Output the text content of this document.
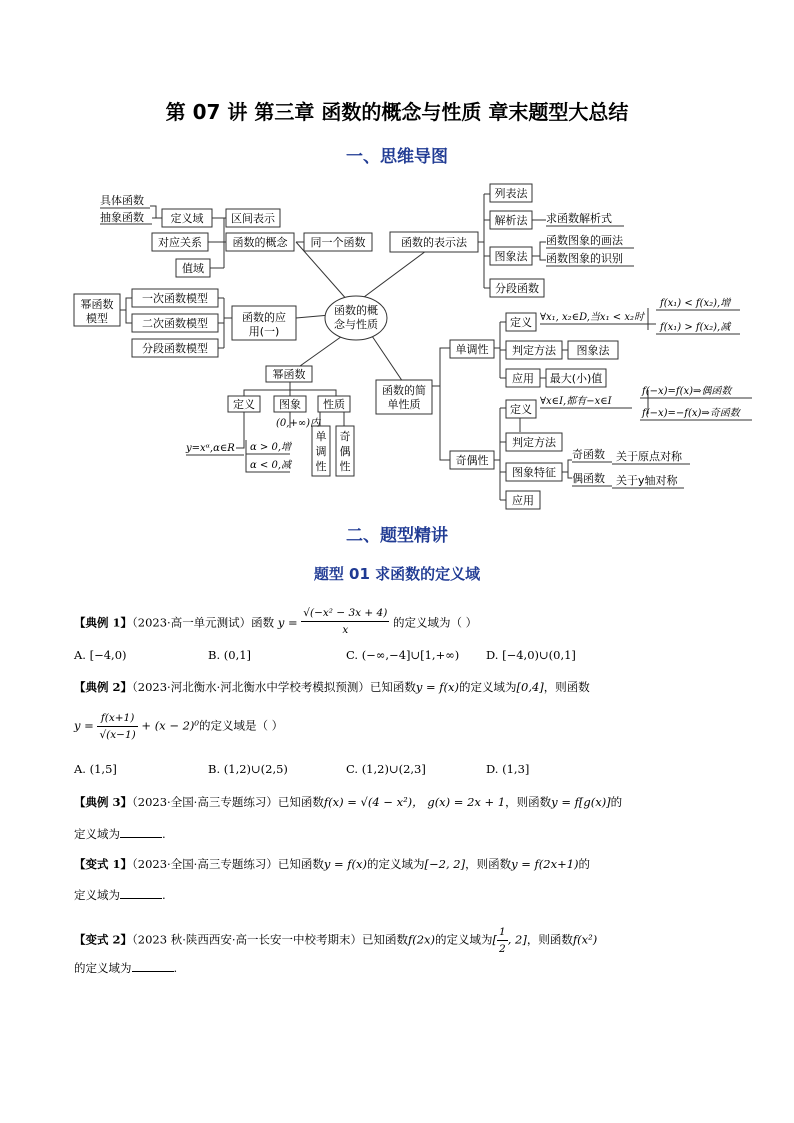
第 07 讲 第三章 函数的概念与性质 章末题型大总结
一、思维导图
函数的概
念与性质
函数的概念 同一个函数
定义域	区间表示
具体函数
抽象函数
对应关系
值域
函数的表示法
列表法
解析法 求函数解析式
图象法
函数图象的画法
函数图象的识别
分段函数
函数的应
用(一)
一次函数模型
二次函数模型
分段函数模型
幂函数
模型
幂函数
定义 图象 性质
单
调
性
奇
偶
性
(0,+∞)内
α > 0,增
α < 0,减
y=xᵅ,α∈R
函数的简
单性质
单调性
定义 ∀x₁, x₂∈D,当x₁ < x₂时
f(x₁) < f(x₂),增
f(x₁) > f(x₂),减
判定方法 图象法
应用 最大(小)值
奇偶性
定义
∀x∈I,都有−x∈I
f(−x)=f(x)⇒偶函数
f(−x)=−f(x)⇒奇函数
判定方法
图象特征
奇函数 关于原点对称
偶函数 关于y轴对称
应用
二、题型精讲
题型 01 求函数的定义域
【典例 1】（2023·高一单元测试）函数 $y = \frac{\text{√(−x² − 3x + 4)}}{x}$ 的定义域为（ ）
A. [−4,0)	B. (0,1]	C. (−∞,−4]∪[1,+∞) D. [−4,0)∪(0,1]
【典例 2】（2023·河北衡水·河北衡水中学校考模拟预测）已知函数y = f(x)的定义域为[0,4]，则函数
$y = \frac{f(x+1)}{√(x-1)} + (x - 2)^0$的定义域是（ ）
A. (1,5]	B. (1,2)∪(2,5)	C. (1,2)∪(2,3]	D. (1,3]
【典例 3】（2023·全国·高三专题练习）已知函数f(x) = √(4 − x²)， g(x) = 2x + 1，则函数y = f[g(x)]的
定义域为	.
【变式 1】（2023·全国·高三专题练习）已知函数y = f(x)的定义域为[−2, 2]，则函数y = f(2x+1)的
定义域为	.
【变式 2】（2023 秋·陕西西安·高一长安一中校考期末）已知函数f(2x)的定义域为[ $\frac{1}{2}$ , 2]，则函数f(x²)
的定义域为	.
